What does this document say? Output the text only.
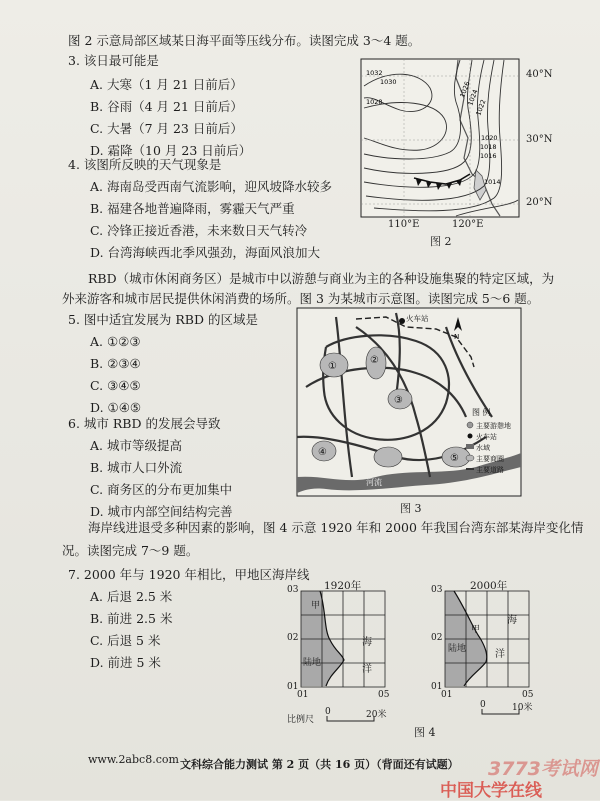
图 2 示意局部区域某日海平面等压线分布。读图完成 3～4 题。
3. 该日最可能是
A. 大寒（1 月 21 日前后）
B. 谷雨（4 月 21 日前后）
C. 大暑（7 月 23 日前后）
D. 霜降（10 月 23 日前后）
4. 该图所反映的天气现象是
A. 海南岛受西南气流影响，迎风坡降水较多
B. 福建各地普遍降雨，雾霾天气严重
C. 冷锋正接近香港，未来数日天气转冷
D. 台湾海峡西北季风强劲，海面风浪加大
1032
1030
1028
1026
1024
1022
1020
1018
1016
1014
40°N
30°N
20°N
110°E	120°E
图 2
RBD（城市休闲商务区）是城市中以游憩与商业为主的各种设施集聚的特定区域，为
外来游客和城市居民提供休闲消费的场所。图 3 为某城市示意图。读图完成 5～6 题。
5. 图中适宜发展为 RBD 的区域是
A. ①②③
B. ②③④
C. ③④⑤
D. ①④⑤
6. 城市 RBD 的发展会导致
A. 城市等级提高
B. 城市人口外流
C. 商务区的分布更加集中
D. 城市内部空间结构完善
火车站
N
①
②
③
④
⑤
河流
图 例
主要游憩地
火车站
水域
主要商圈
主要道路
图 3
海岸线进退受多种因素的影响，图 4 示意 1920 年和 2000 年我国台湾东部某海岸变化情
况。读图完成 7～9 题。
7. 2000 年与 1920 年相比，甲地区海岸线
A. 后退 2.5 米
B. 前进 2.5 米
C. 后退 5 米
D. 前进 5 米
1920年
甲
陆地
海
洋
03
02
01
01	05
2000年
甲
陆地
海
洋
03
02
01
01	05
比例尺
0	20米
0	10米
图 4
www.2abc8.com 文科综合能力测试 第 2 页（共 16 页）（背面还有试题） 3773考试网
中国大学在线
